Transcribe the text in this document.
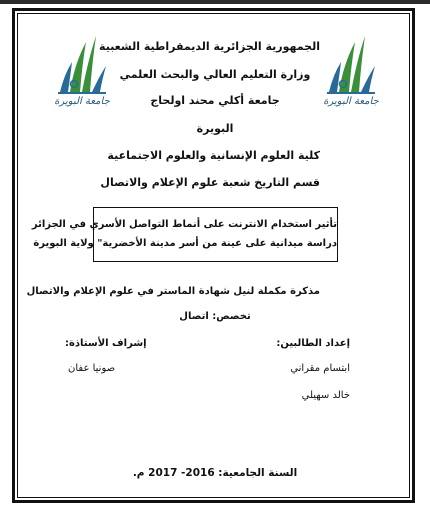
جامعة البويرة	جامعة البويرة
الجمهورية الجزائرية الديمقراطية الشعبية
وزارة التعليم العالي والبحث العلمي
جامعة أكلي محند اولحاج
البويرة
كلية العلوم الإنسانية والعلوم الاجتماعية
قسم التاريخ شعبة علوم الإعلام والاتصال
تأثير استخدام الانترنت على أنماط التواصل الأسري في الجزائر
دراسة ميدانية على عينة من أسر مدينة الأخضرية" ولاية البويرة
مذكرة مكملة لنيل شهادة الماستر في علوم الإعلام والاتصال
تخصص: اتصال
إعداد الطالبين:
ابتسام مقراني
خالد سهيلي
إشراف الأستاذة:
صونيا عفان
السنة الجامعية: 2016- 2017 م.
